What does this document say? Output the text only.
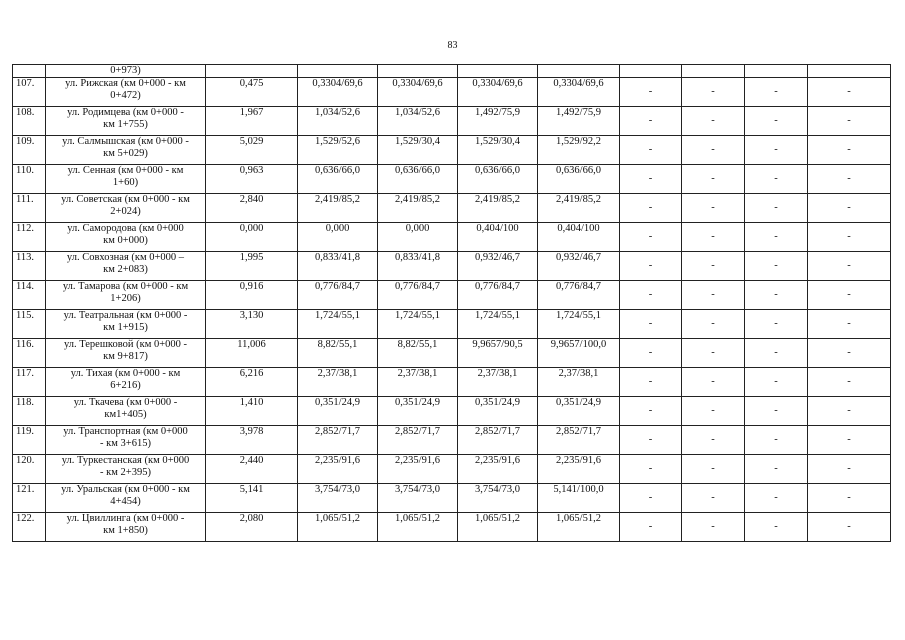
83
	0+973)									
107.	ул. Рижская (км 0+000 - км
0+472)	0,475	0,3304/69,6	0,3304/69,6	0,3304/69,6	0,3304/69,6	-	-	-	-
108.	ул. Родимцева (км 0+000 -
км 1+755)	1,967	1,034/52,6	1,034/52,6	1,492/75,9	1,492/75,9	-	-	-	-
109.	ул. Салмышская (км 0+000 -
км 5+029)	5,029	1,529/52,6	1,529/30,4	1,529/30,4	1,529/92,2	-	-	-	-
110.	ул. Сенная (км 0+000 - км
1+60)	0,963	0,636/66,0	0,636/66,0	0,636/66,0	0,636/66,0	-	-	-	-
111.	ул. Советская (км 0+000 - км
2+024)	2,840	2,419/85,2	2,419/85,2	2,419/85,2	2,419/85,2	-	-	-	-
112.	ул. Самородова (км 0+000
км 0+000)	0,000	0,000	0,000	0,404/100	0,404/100	-	-	-	-
113.	ул. Совхозная (км 0+000 –
км 2+083)	1,995	0,833/41,8	0,833/41,8	0,932/46,7	0,932/46,7	-	-	-	-
114.	ул. Тамарова (км 0+000 - км
1+206)	0,916	0,776/84,7	0,776/84,7	0,776/84,7	0,776/84,7	-	-	-	-
115.	ул. Театральная (км 0+000 -
км 1+915)	3,130	1,724/55,1	1,724/55,1	1,724/55,1	1,724/55,1	-	-	-	-
116.	ул. Терешковой (км 0+000 -
км 9+817)	11,006	8,82/55,1	8,82/55,1	9,9657/90,5	9,9657/100,0	-	-	-	-
117.	ул. Тихая (км 0+000 - км
6+216)	6,216	2,37/38,1	2,37/38,1	2,37/38,1	2,37/38,1	-	-	-	-
118.	ул. Ткачева (км 0+000 -
км1+405)	1,410	0,351/24,9	0,351/24,9	0,351/24,9	0,351/24,9	-	-	-	-
119.	ул. Транспортная (км 0+000
- км 3+615)	3,978	2,852/71,7	2,852/71,7	2,852/71,7	2,852/71,7	-	-	-	-
120.	ул. Туркестанская (км 0+000
- км 2+395)	2,440	2,235/91,6	2,235/91,6	2,235/91,6	2,235/91,6	-	-	-	-
121.	ул. Уральская (км 0+000 - км
4+454)	5,141	3,754/73,0	3,754/73,0	3,754/73,0	5,141/100,0	-	-	-	-
122.	ул. Цвиллинга (км 0+000 -
км 1+850)	2,080	1,065/51,2	1,065/51,2	1,065/51,2	1,065/51,2	-	-	-	-
